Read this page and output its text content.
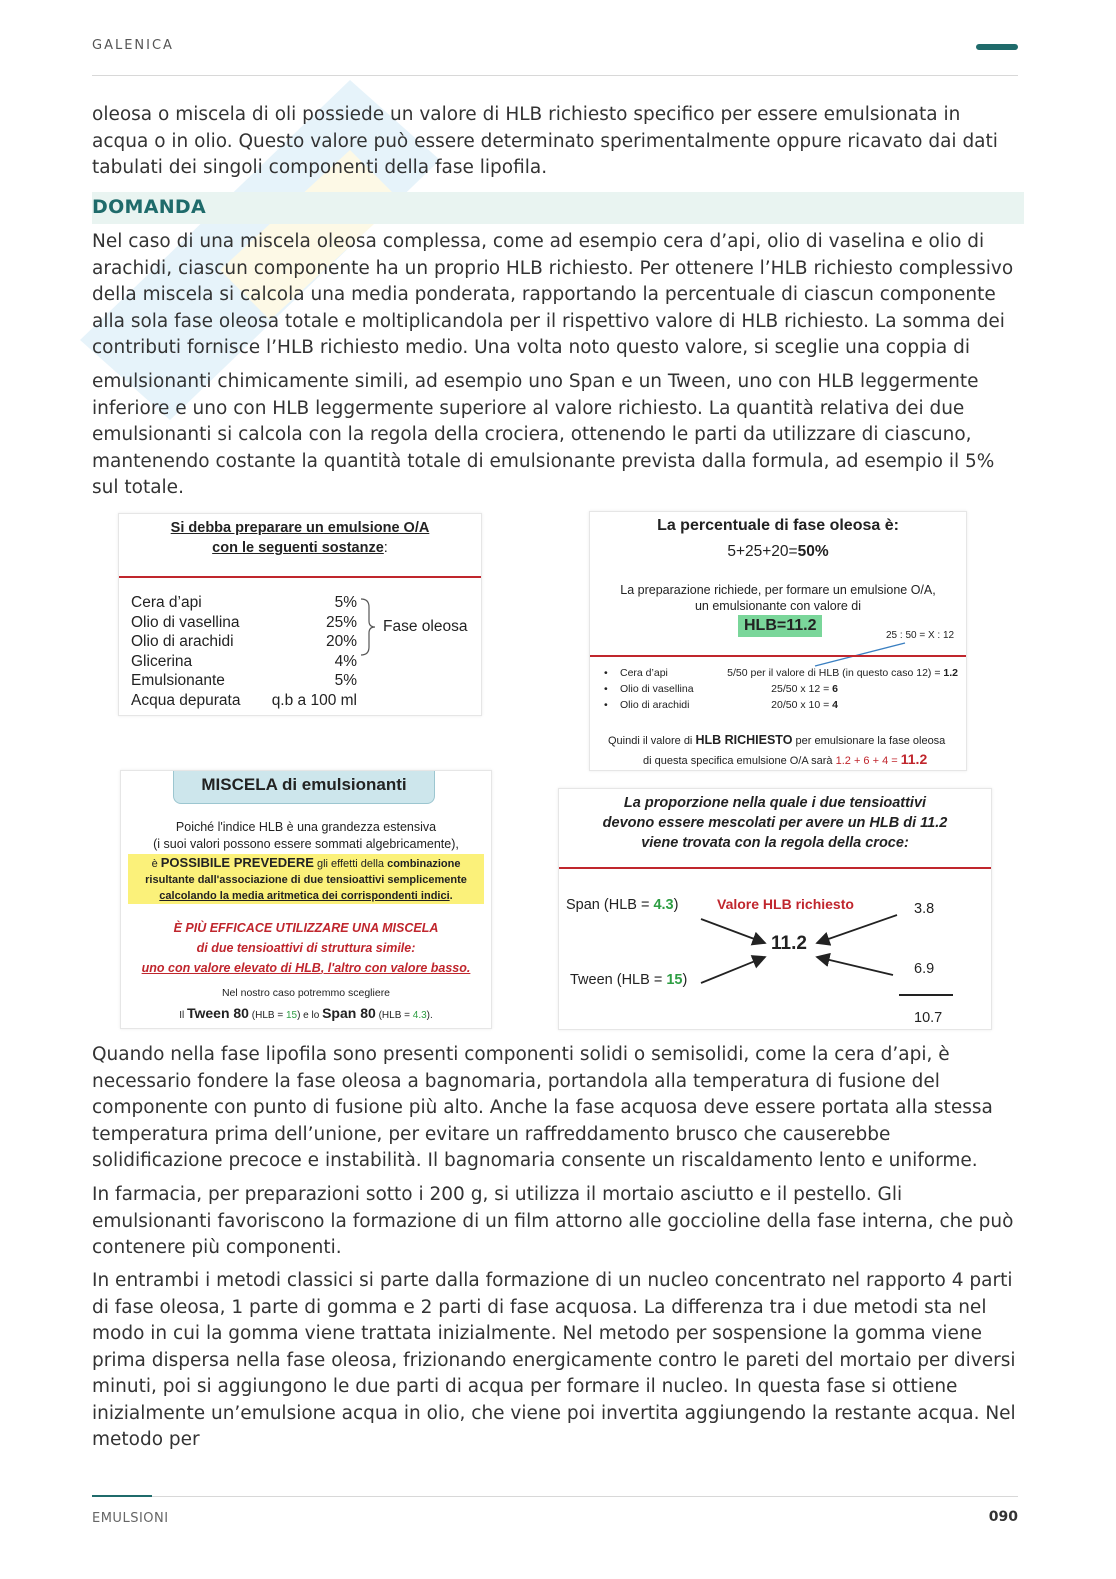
GALENICA

oleosa o miscela di oli possiede un valore di HLB richiesto specifico per essere emulsionata in acqua o in olio. Questo valore può essere determinato sperimentalmente oppure ricavato dai dati tabulati dei singoli componenti della fase lipofila.

DOMANDA

Nel caso di una miscela oleosa complessa, come ad esempio cera d’api, olio di vaselina e olio di arachidi, ciascun componente ha un proprio HLB richiesto. Per ottenere l’HLB richiesto complessivo della miscela si calcola una media ponderata, rapportando la percentuale di ciascun componente alla sola fase oleosa totale e moltiplicandola per il rispettivo valore di HLB richiesto. La somma dei contributi fornisce l’HLB richiesto medio. Una volta noto questo valore, si sceglie una coppia di

emulsionanti chimicamente simili, ad esempio uno Span e un Tween, uno con HLB leggermente inferiore e uno con HLB leggermente superiore al valore richiesto. La quantità relativa dei due emulsionanti si calcola con la regola della crociera, ottenendo le parti da utilizzare di ciascuno, mantenendo costante la quantità totale di emulsionante prevista dalla formula, ad esempio il 5% sul totale.

Si debba preparare un emulsione O/A
con le seguenti sostanze:
Cera d’api	5%
Olio di vasellina	25%
Olio di arachidi	20%
Glicerina	4%
Emulsionante	5%
Acqua depurata q.b a 100 ml
Fase oleosa
La percentuale di fase oleosa è:
5+25+20=50%
La preparazione richiede, per formare un emulsione O/A,
un emulsionante con valore di
HLB=11.2
25 : 50 = X : 12
• Cera d’api	5/50 per il valore di HLB (in questo caso 12) = 1.2
• Olio di vasellina	25/50 x 12 = 6
• Olio di arachidi	20/50 x 10 = 4
Quindi il valore di HLB RICHIESTO per emulsionare la fase oleosa
di questa specifica emulsione O/A sarà 1.2 + 6 + 4 = 11.2
MISCELA di emulsionanti
Poiché l'indice HLB è una grandezza estensiva
(i suoi valori possono essere sommati algebricamente),
è POSSIBILE PREVEDERE gli effetti della combinazione
risultante dall'associazione di due tensioattivi semplicemente
calcolando la media aritmetica dei corrispondenti indici.
È PIÙ EFFICACE UTILIZZARE UNA MISCELA
di due tensioattivi di struttura simile:
uno con valore elevato di HLB, l'altro con valore basso.
Nel nostro caso potremmo scegliere
Il Tween 80 (HLB = 15) e lo Span 80 (HLB = 4.3).
La proporzione nella quale i due tensioattivi
devono essere mescolati per avere un HLB di 11.2
viene trovata con la regola della croce:
Span (HLB = 4.3)
Tween (HLB = 15)
Valore HLB richiesto
11.2
3.8
6.9
10.7

Quando nella fase lipofila sono presenti componenti solidi o semisolidi, come la cera d’api, è necessario fondere la fase oleosa a bagnomaria, portandola alla temperatura di fusione del componente con punto di fusione più alto. Anche la fase acquosa deve essere portata alla stessa temperatura prima dell’unione, per evitare un raffreddamento brusco che causerebbe solidificazione precoce e instabilità. Il bagnomaria consente un riscaldamento lento e uniforme.

In farmacia, per preparazioni sotto i 200 g, si utilizza il mortaio asciutto e il pestello. Gli emulsionanti favoriscono la formazione di un film attorno alle goccioline della fase interna, che può contenere più componenti.

In entrambi i metodi classici si parte dalla formazione di un nucleo concentrato nel rapporto 4 parti di fase oleosa, 1 parte di gomma e 2 parti di fase acquosa. La differenza tra i due metodi sta nel modo in cui la gomma viene trattata inizialmente. Nel metodo per sospensione la gomma viene prima dispersa nella fase oleosa, frizionando energicamente contro le pareti del mortaio per diversi minuti, poi si aggiungono le due parti di acqua per formare il nucleo. In questa fase si ottiene inizialmente un’emulsione acqua in olio, che viene poi invertita aggiungendo la restante acqua. Nel metodo per

EMULSIONI	090
